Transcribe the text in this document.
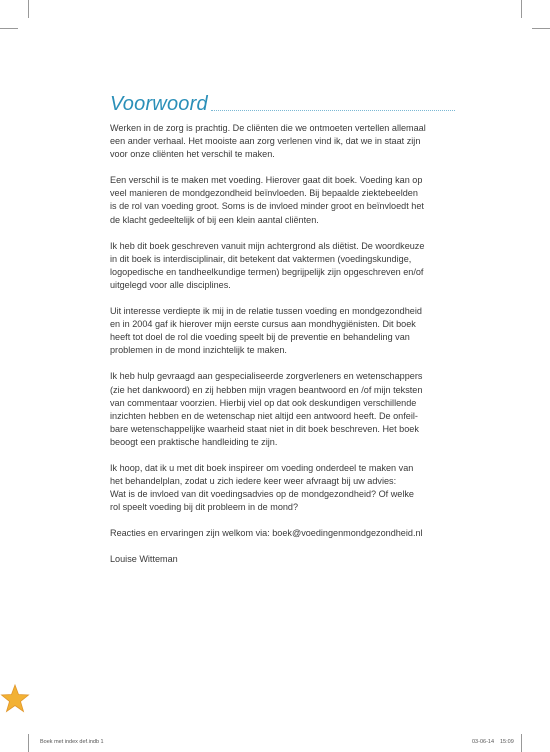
Voorwoord

Werken in de zorg is prachtig. De cliënten die we ontmoeten vertellen allemaal
een ander verhaal. Het mooiste aan zorg verlenen vind ik, dat we in staat zijn
voor onze cliënten het verschil te maken.

Een verschil is te maken met voeding. Hierover gaat dit boek. Voeding kan op
veel manieren de mondgezondheid beïnvloeden. Bij bepaalde ziektebeelden
is de rol van voeding groot. Soms is de invloed minder groot en beïnvloedt het
de klacht gedeeltelijk of bij een klein aantal cliënten.

Ik heb dit boek geschreven vanuit mijn achtergrond als diëtist. De woordkeuze
in dit boek is interdisciplinair, dit betekent dat vaktermen (voedingskundige,
logopedische en tandheelkundige termen) begrijpelijk zijn opgeschreven en/of
uitgelegd voor alle disciplines.

Uit interesse verdiepte ik mij in de relatie tussen voeding en mondgezondheid
en in 2004 gaf ik hierover mijn eerste cursus aan mondhygiënisten. Dit boek
heeft tot doel de rol die voeding speelt bij de preventie en behandeling van
problemen in de mond inzichtelijk te maken.

Ik heb hulp gevraagd aan gespecialiseerde zorgverleners en wetenschappers
(zie het dankwoord) en zij hebben mijn vragen beantwoord en /of mijn teksten
van commentaar voorzien. Hierbij viel op dat ook deskundigen verschillende
inzichten hebben en de wetenschap niet altijd een antwoord heeft. De onfeil-
bare wetenschappelijke waarheid staat niet in dit boek beschreven. Het boek
beoogt een praktische handleiding te zijn.

Ik hoop, dat ik u met dit boek inspireer om voeding onderdeel te maken van
het behandelplan, zodat u zich iedere keer weer afvraagt bij uw advies:
Wat is de invloed van dit voedingsadvies op de mondgezondheid? Of welke
rol speelt voeding bij dit probleem in de mond?

Reacties en ervaringen zijn welkom via: boek@voedingenmondgezondheid.nl

Louise Witteman

Boek met index def.indb 1	03-06-14 15:09
